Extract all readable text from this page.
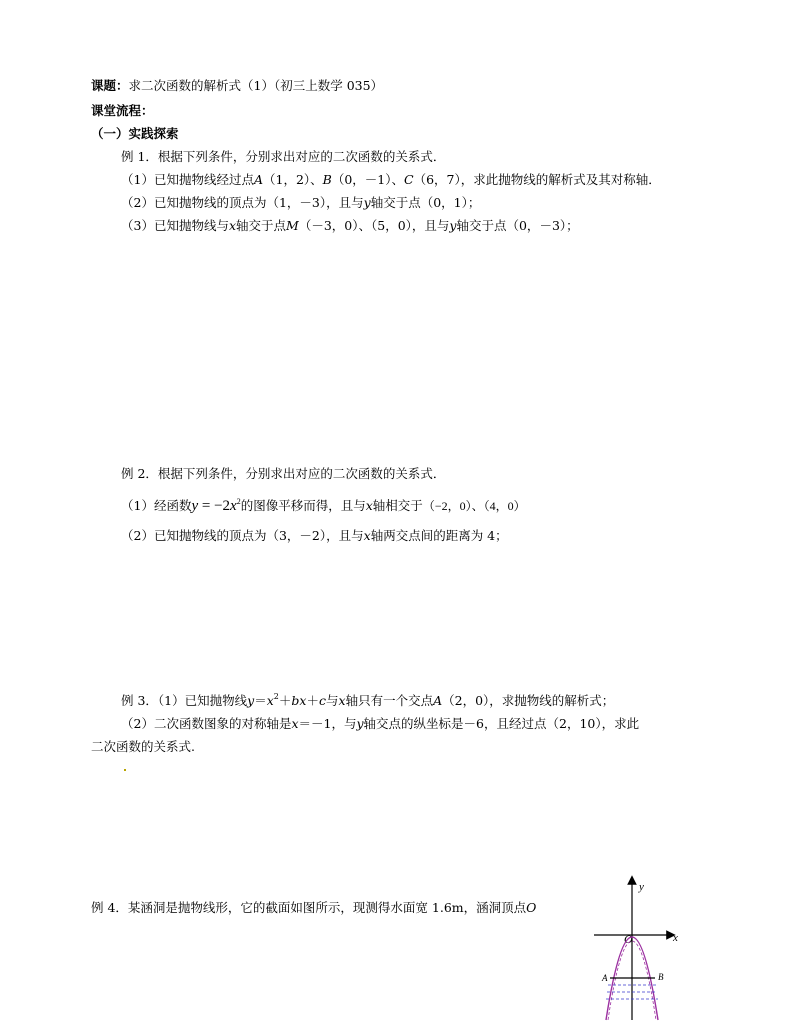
课题：求二次函数的解析式（1）（初三上数学 035）
课堂流程：
（一）实践探索
例 1．根据下列条件，分别求出对应的二次函数的关系式．
（1）已知抛物线经过点A（1，2）、B（0，－1）、C（6，7），求此抛物线的解析式及其对称轴．
（2）已知抛物线的顶点为（1，－3），且与y轴交于点（0，1）；
（3）已知抛物线与x轴交于点M（－3，0）、（5，0），且与y轴交于点（0，－3）；
例 2．根据下列条件，分别求出对应的二次函数的关系式．
（1）经函数$y = -2x^2$的图像平移而得，且与x轴相交于（−2，0）、（4，0）
（2）已知抛物线的顶点为（3，－2），且与x轴两交点间的距离为 4；
例 3．（1）已知抛物线$y=x^2+bx+c$与x轴只有一个交点A（2，0），求抛物线的解析式；
（2）二次函数图象的对称轴是x＝－1，与y轴交点的纵坐标是－6，且经过点（2，10），求此
二次函数的关系式.
例 4．某涵洞是抛物线形，它的截面如图所示，现测得水面宽 1.6m，涵洞顶点O
y
x
O
A	B
